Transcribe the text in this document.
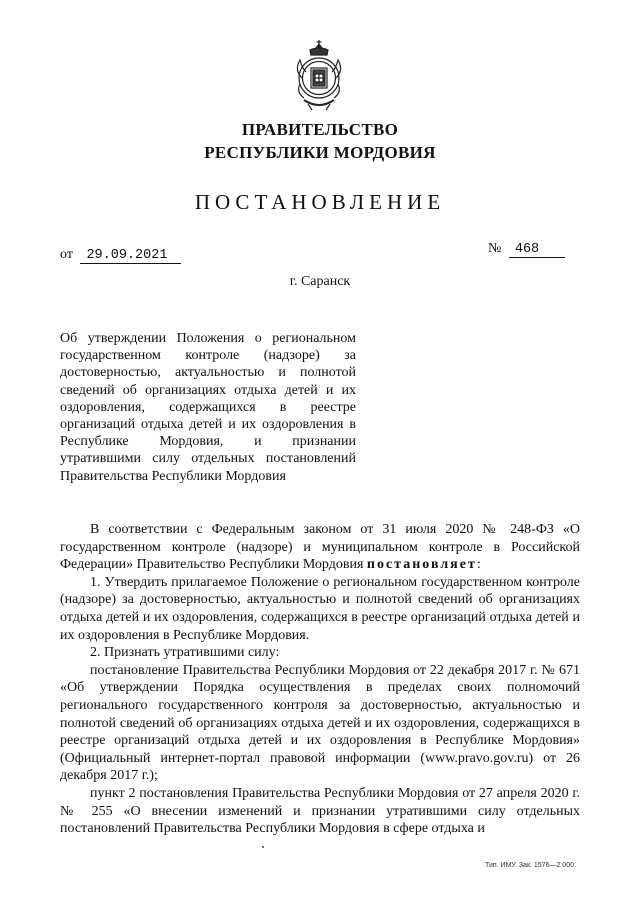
ПРАВИТЕЛЬСТВО
РЕСПУБЛИКИ МОРДОВИЯ
ПОСТАНОВЛЕНИЕ
от 29.09.2021	№ 468
г. Саранск
Об утверждении Положения о региональном государственном контроле (надзоре) за достоверностью, актуальностью и полнотой сведений об организациях отдыха детей и их оздоровления, содержащихся в реестре организаций отдыха детей и их оздоровления в Республике Мордовия, и признании утратившими силу отдельных постановлений Правительства Республики Мордовия

В соответствии с Федеральным законом от 31 июля 2020 № 248-ФЗ «О государственном контроле (надзоре) и муниципальном контроле в Российской Федерации» Правительство Республики Мордовия постановляет:

1. Утвердить прилагаемое Положение о региональном государственном контроле (надзоре) за достоверностью, актуальностью и полнотой сведений об организациях отдыха детей и их оздоровления, содержащихся в реестре организаций отдыха детей и их оздоровления в Республике Мордовия.

2. Признать утратившими силу:

постановление Правительства Республики Мордовия от 22 декабря 2017 г. № 671 «Об утверждении Порядка осуществления в пределах своих полномочий регионального государственного контроля за достоверностью, актуальностью и полнотой сведений об организациях отдыха детей и их оздоровления, содержащихся в реестре организаций отдыха детей и их оздоровления в Республике Мордовия» (Официальный интернет-портал правовой информации (www.pravo.gov.ru) от 26 декабря 2017 г.);

пункт 2 постановления Правительства Республики Мордовия от 27 апреля 2020 г. № 255 «О внесении изменений и признании утратившими силу отдельных постановлений Правительства Республики Мордовия в сфере отдыха и

Тип. ИМУ. Зак. 1576—2 000.
